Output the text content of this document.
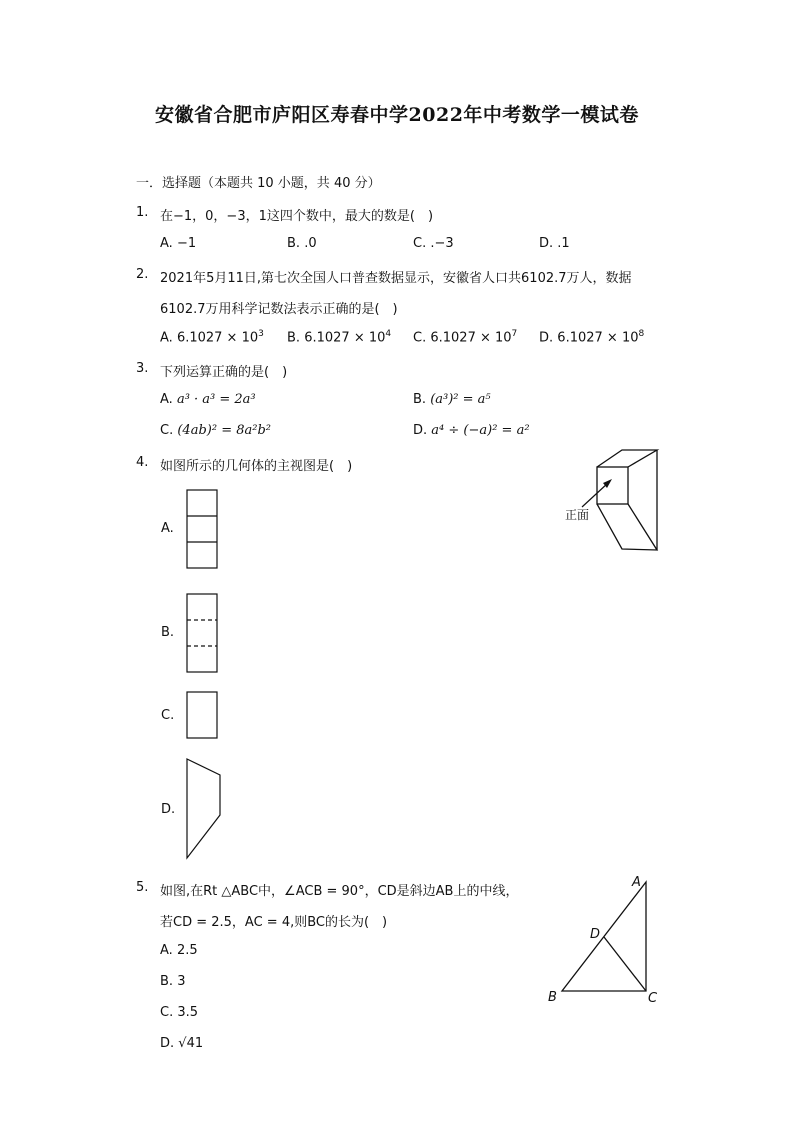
安徽省合肥市庐阳区寿春中学2022年中考数学一模试卷
一．选择题（本题共 10 小题，共 40 分）
1. 在−1，0，−3，1这四个数中，最大的数是(　)
A. −1	B. .0	C. .−3	D. .1
2. 2021年5月11日,第七次全国人口普查数据显示，安徽省人口共6102.7万人，数据
6102.7万用科学记数法表示正确的是(　)
A. $6.1027 \times 10^3$ B. $6.1027 \times 10^4$ C. $6.1027 \times 10^7$ D. $6.1027 \times 10^8$
3. 下列运算正确的是(　)
A. a³ · a³ = 2a³	B. (a³)² = a⁵
C. (4ab)² = 8a²b²	D. a⁴ ÷ (−a)² = a²
4. 如图所示的几何体的主视图是(　)
正面
A.
B.
C.
D.
5. 如图,在Rt △ABC中，∠ACB = 90°，CD是斜边AB上的中线，
若CD = 2.5，AC = 4,则BC的长为(　)
A. 2.5
B. 3
C. 3.5
D. √41
A
B	C
D
